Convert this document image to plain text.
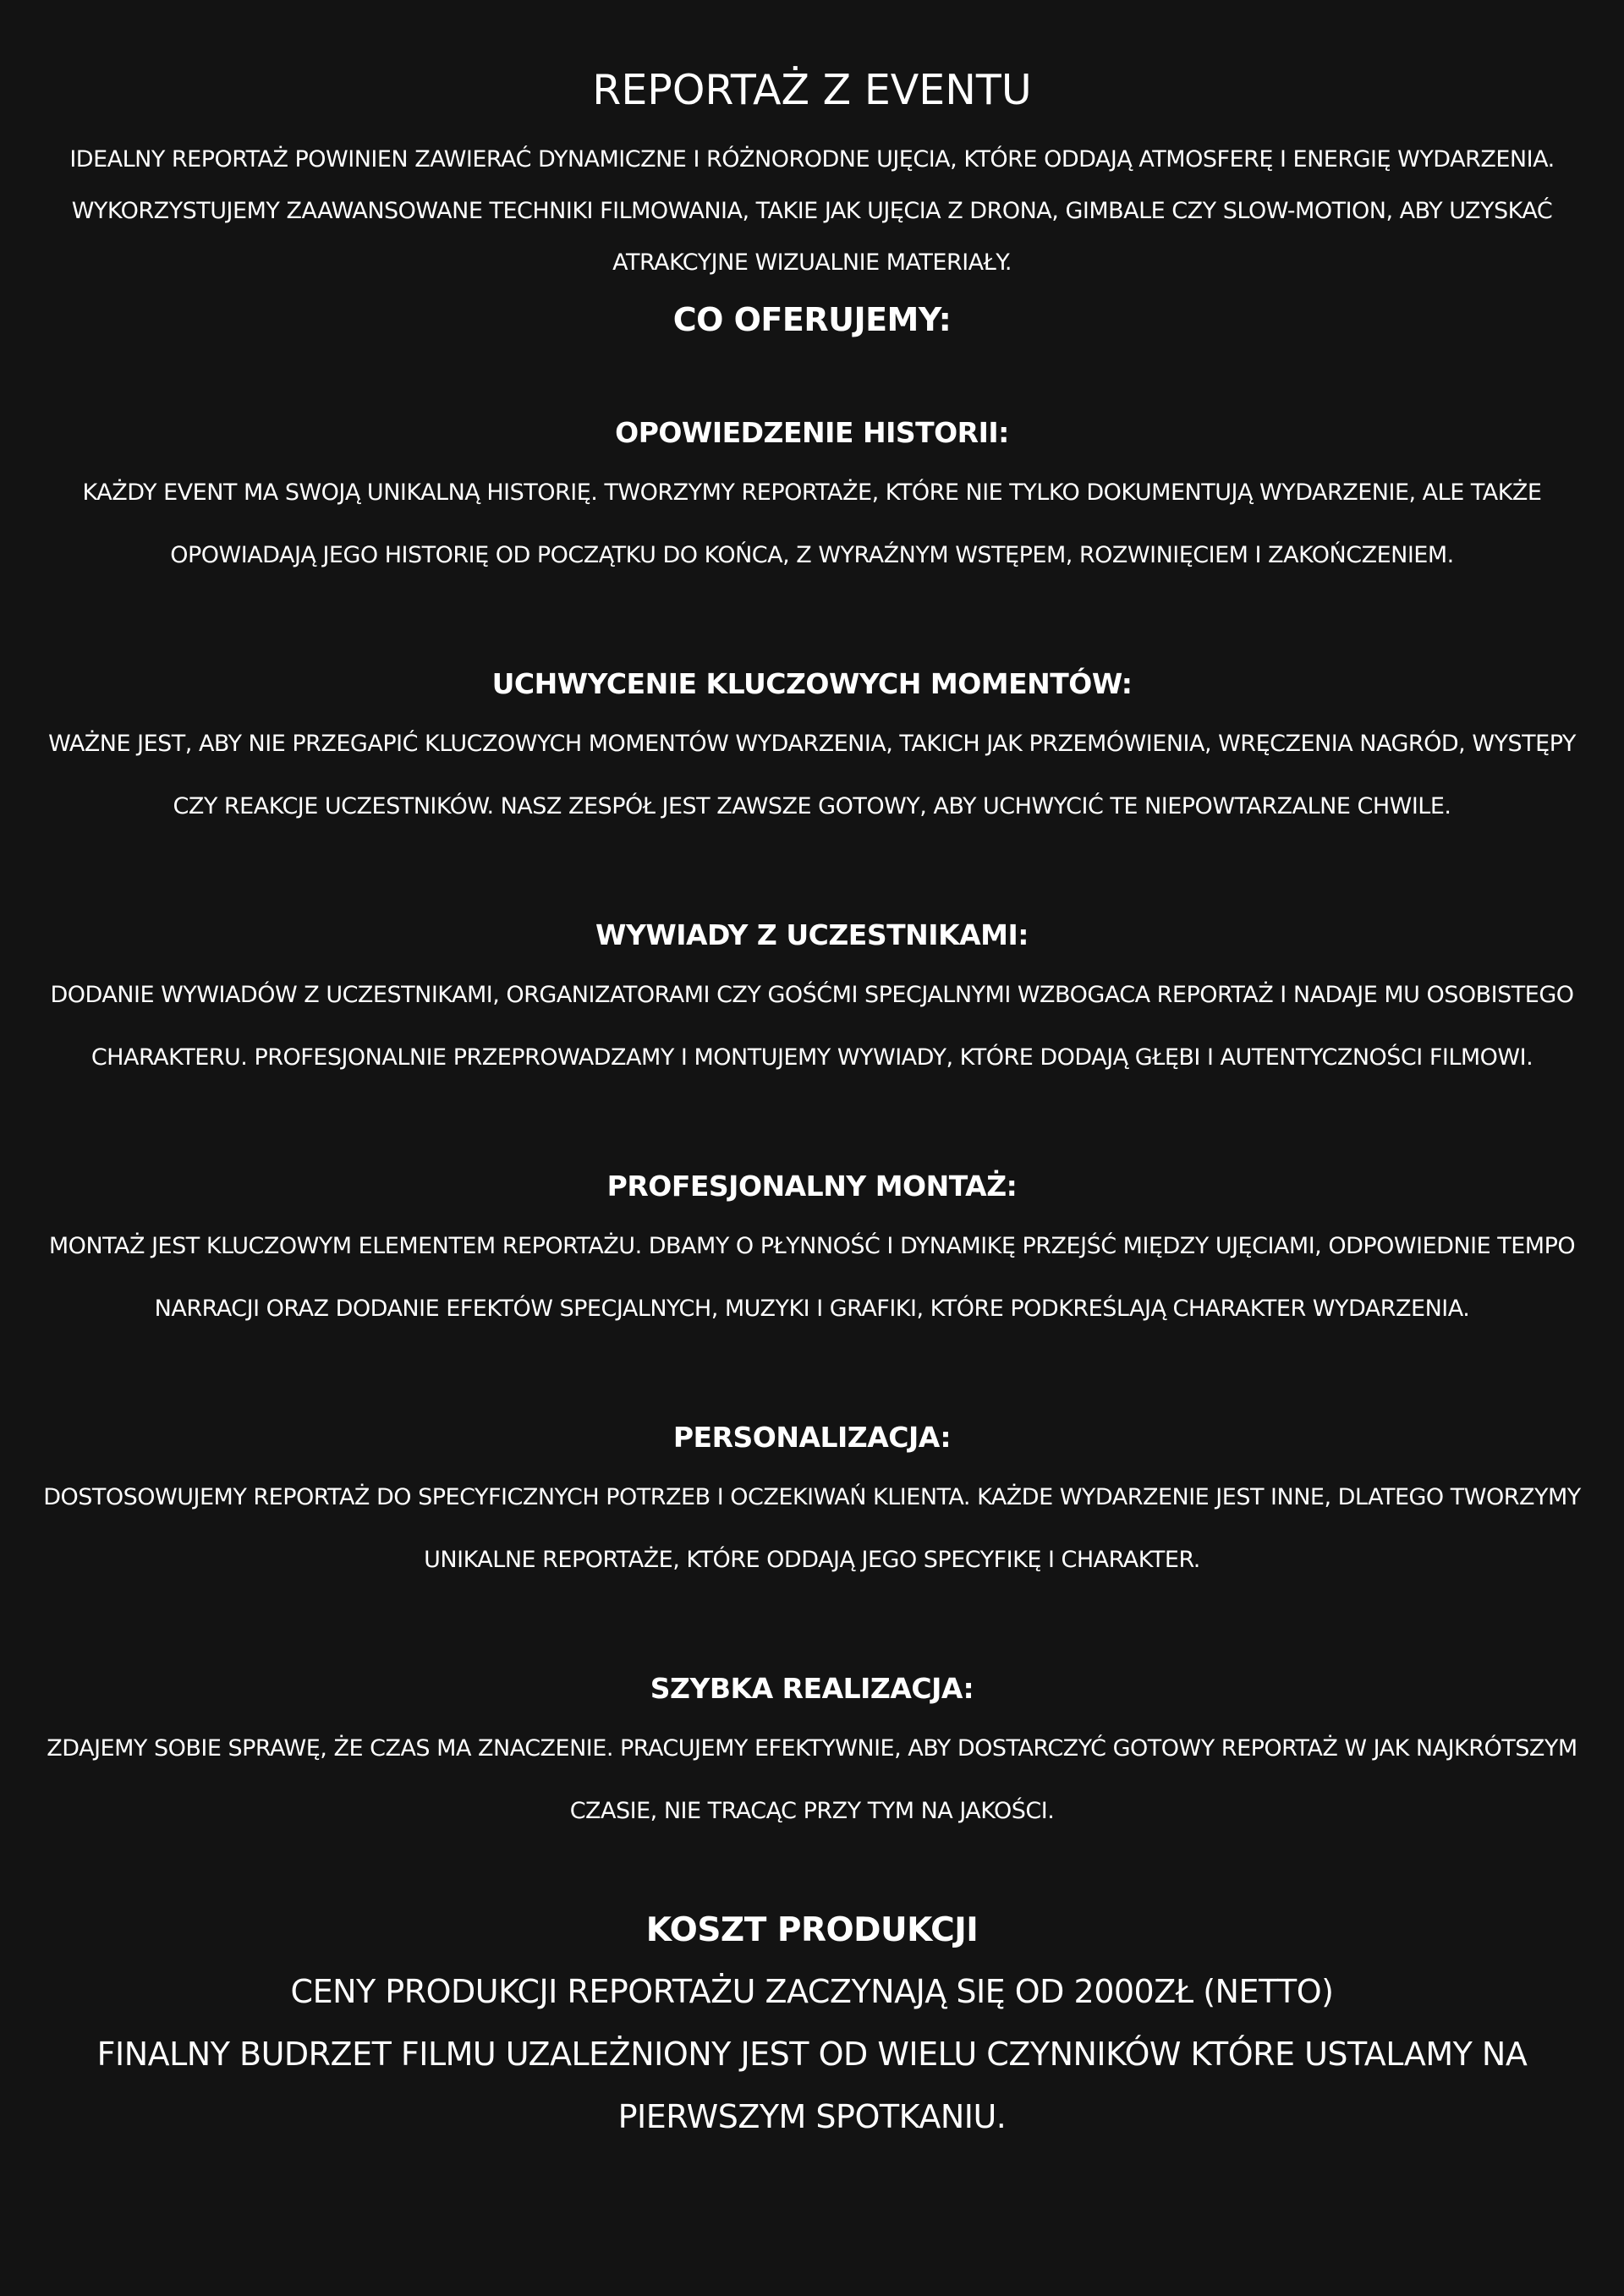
REPORTAŻ Z EVENTU

IDEALNY REPORTAŻ POWINIEN ZAWIERAĆ DYNAMICZNE I RÓŻNORODNE UJĘCIA, KTÓRE ODDAJĄ ATMOSFERĘ I ENERGIĘ WYDARZENIA. WYKORZYSTUJEMY ZAAWANSOWANE TECHNIKI FILMOWANIA, TAKIE JAK UJĘCIA Z DRONA, GIMBALE CZY SLOW-MOTION, ABY UZYSKAĆ ATRAKCYJNE WIZUALNIE MATERIAŁY.

CO OFERUJEMY:
OPOWIEDZENIE HISTORII:

KAŻDY EVENT MA SWOJĄ UNIKALNĄ HISTORIĘ. TWORZYMY REPORTAŻE, KTÓRE NIE TYLKO DOKUMENTUJĄ WYDARZENIE, ALE TAKŻE OPOWIADAJĄ JEGO HISTORIĘ OD POCZĄTKU DO KOŃCA, Z WYRAŹNYM WSTĘPEM, ROZWINIĘCIEM I ZAKOŃCZENIEM.

UCHWYCENIE KLUCZOWYCH MOMENTÓW:

WAŻNE JEST, ABY NIE PRZEGAPIĆ KLUCZOWYCH MOMENTÓW WYDARZENIA, TAKICH JAK PRZEMÓWIENIA, WRĘCZENIA NAGRÓD, WYSTĘPY CZY REAKCJE UCZESTNIKÓW. NASZ ZESPÓŁ JEST ZAWSZE GOTOWY, ABY UCHWYCIĆ TE NIEPOWTARZALNE CHWILE.

WYWIADY Z UCZESTNIKAMI:

DODANIE WYWIADÓW Z UCZESTNIKAMI, ORGANIZATORAMI CZY GOŚĆMI SPECJALNYMI WZBOGACA REPORTAŻ I NADAJE MU OSOBISTEGO CHARAKTERU. PROFESJONALNIE PRZEPROWADZAMY I MONTUJEMY WYWIADY, KTÓRE DODAJĄ GŁĘBI I AUTENTYCZNOŚCI FILMOWI.

PROFESJONALNY MONTAŻ:

MONTAŻ JEST KLUCZOWYM ELEMENTEM REPORTAŻU. DBAMY O PŁYNNOŚĆ I DYNAMIKĘ PRZEJŚĆ MIĘDZY UJĘCIAMI, ODPOWIEDNIE TEMPO NARRACJI ORAZ DODANIE EFEKTÓW SPECJALNYCH, MUZYKI I GRAFIKI, KTÓRE PODKREŚLAJĄ CHARAKTER WYDARZENIA.

PERSONALIZACJA:

DOSTOSOWUJEMY REPORTAŻ DO SPECYFICZNYCH POTRZEB I OCZEKIWAŃ KLIENTA. KAŻDE WYDARZENIE JEST INNE, DLATEGO TWORZYMY UNIKALNE REPORTAŻE, KTÓRE ODDAJĄ JEGO SPECYFIKĘ I CHARAKTER.

SZYBKA REALIZACJA:

ZDAJEMY SOBIE SPRAWĘ, ŻE CZAS MA ZNACZENIE. PRACUJEMY EFEKTYWNIE, ABY DOSTARCZYĆ GOTOWY REPORTAŻ W JAK NAJKRÓTSZYM CZASIE, NIE TRACĄC PRZY TYM NA JAKOŚCI.

KOSZT PRODUKCJI

CENY PRODUKCJI REPORTAŻU ZACZYNAJĄ SIĘ OD 2000ZŁ (NETTO)

FINALNY BUDRZET FILMU UZALEŻNIONY JEST OD WIELU CZYNNIKÓW KTÓRE USTALAMY NA PIERWSZYM SPOTKANIU.
